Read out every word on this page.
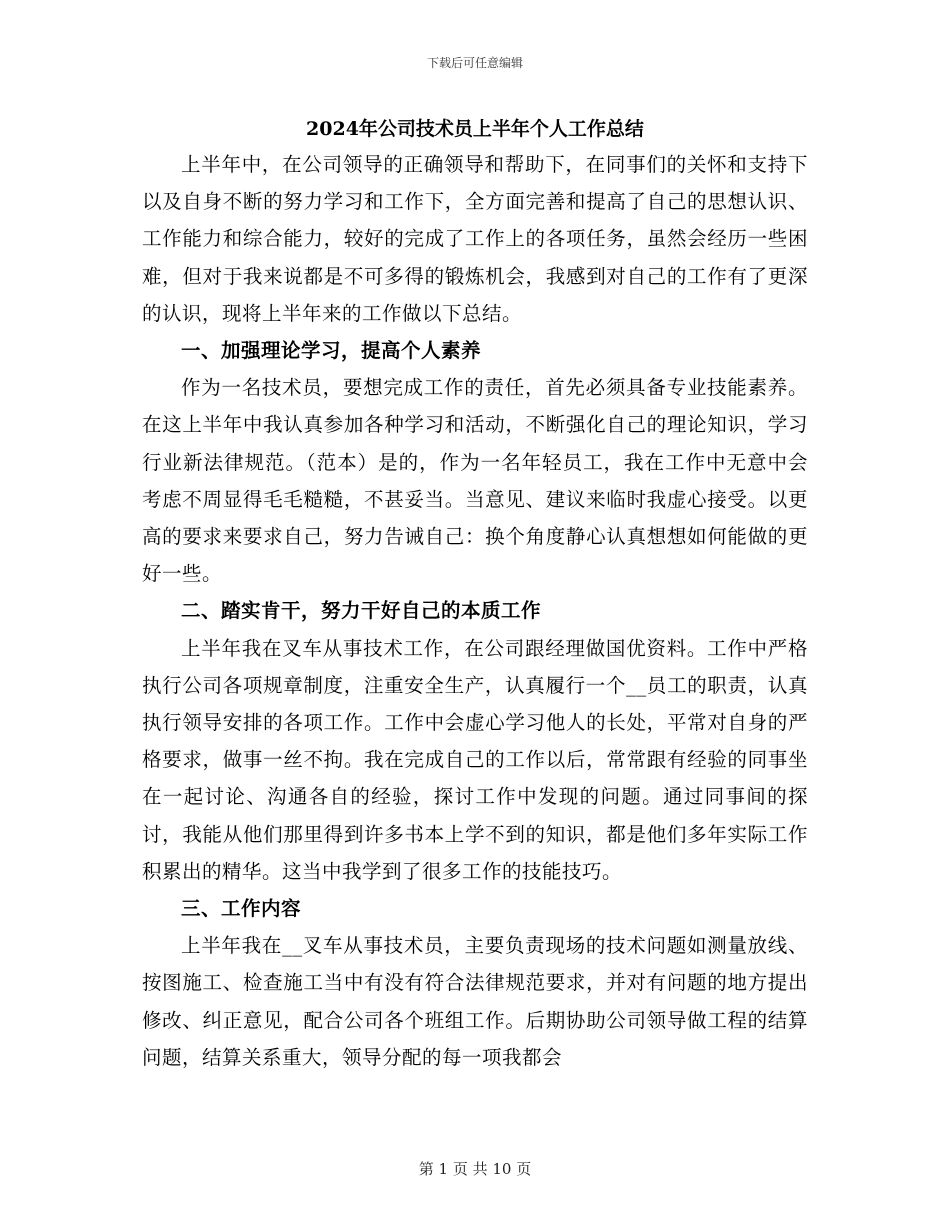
下载后可任意编辑
2024年公司技术员上半年个人工作总结

上半年中，在公司领导的正确领导和帮助下，在同事们的关怀和支持下以及自身不断的努力学习和工作下，全方面完善和提高了自己的思想认识、工作能力和综合能力，较好的完成了工作上的各项任务，虽然会经历一些困难，但对于我来说都是不可多得的锻炼机会，我感到对自己的工作有了更深的认识，现将上半年来的工作做以下总结。

一、加强理论学习，提高个人素养

作为一名技术员，要想完成工作的责任，首先必须具备专业技能素养。在这上半年中我认真参加各种学习和活动，不断强化自己的理论知识，学习行业新法律规范。（范本）是的，作为一名年轻员工，我在工作中无意中会考虑不周显得毛毛糙糙，不甚妥当。当意见、建议来临时我虚心接受。以更高的要求来要求自己，努力告诫自己：换个角度静心认真想想如何能做的更好一些。

二、踏实肯干，努力干好自己的本质工作

上半年我在叉车从事技术工作，在公司跟经理做国优资料。工作中严格执行公司各项规章制度，注重安全生产，认真履行一个__员工的职责，认真执行领导安排的各项工作。工作中会虚心学习他人的长处，平常对自身的严格要求，做事一丝不拘。我在完成自己的工作以后，常常跟有经验的同事坐在一起讨论、沟通各自的经验，探讨工作中发现的问题。通过同事间的探讨，我能从他们那里得到许多书本上学不到的知识，都是他们多年实际工作积累出的精华。这当中我学到了很多工作的技能技巧。

三、工作内容

上半年我在__叉车从事技术员，主要负责现场的技术问题如测量放线、按图施工、检查施工当中有没有符合法律规范要求，并对有问题的地方提出修改、纠正意见，配合公司各个班组工作。后期协助公司领导做工程的结算问题，结算关系重大，领导分配的每一项我都会

第 1 页 共 10 页
